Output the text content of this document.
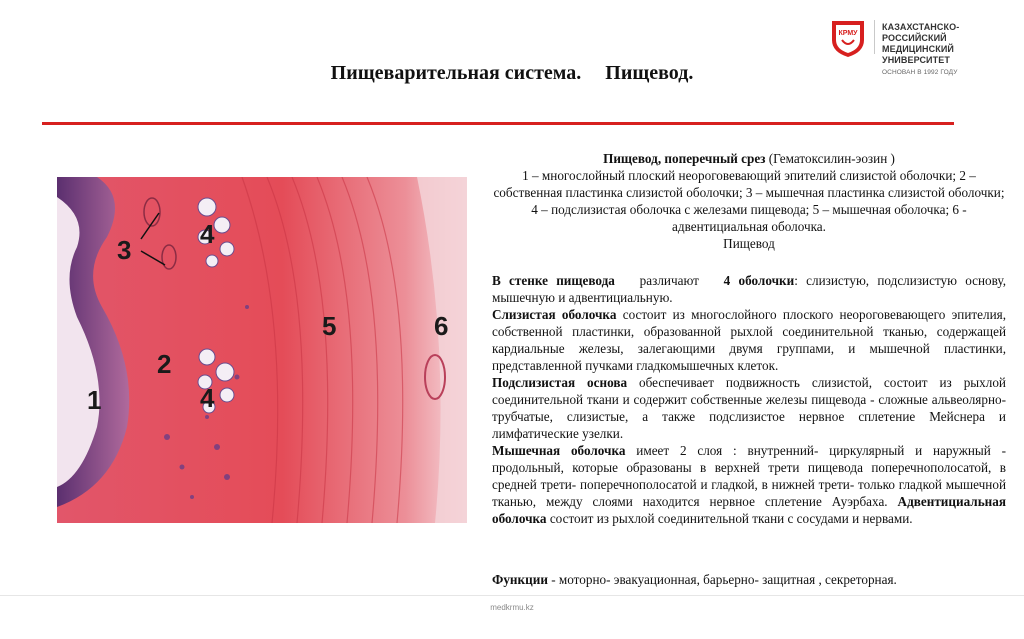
КРМУ
КАЗАХСТАНСКО-РОССИЙСКИЙ
МЕДИЦИНСКИЙ УНИВЕРСИТЕТ
ОСНОВАН В 1992 ГОДУ
Пищеварительная система. Пищевод.
1
2
3
4
4
5	6
Пищевод, поперечный срез (Гематоксилин-эозин )
1 – многослойный плоский неороговевающий эпителий слизистой оболочки; 2 – собственная пластинка слизистой оболочки; 3 – мышечная пластинка слизистой оболочки; 4 – подслизистая оболочка с железами пищевода; 5 – мышечная оболочка; 6 - адвентициальная оболочка.
Пищевод

В стенке пищевода   различают   4 оболочки: слизистую, подслизистую основу, мышечную и адвентициальную.

Слизистая оболочка состоит из многослойного плоского неороговевающего эпителия, собственной пластинки, образованной рыхлой соединительной тканью, содержащей кардиальные железы, залегающими двумя группами, и мышечной пластинки, представленной пучками гладкомышечных клеток.

Подслизистая основа обеспечивает подвижность слизистой, состоит из рыхлой соединительной ткани и содержит собственные железы пищевода - сложные альвеолярно- трубчатые, слизистые, а также подслизистое нервное сплетение Мейснера и лимфатические узелки.

Мышечная оболочка имеет 2 слоя : внутренний- циркулярный и наружный - продольный, которые образованы в верхней трети пищевода поперечнополосатой, в средней трети- поперечнополосатой и гладкой, в нижней трети- только гладкой мышечной тканью, между слоями находится нервное сплетение Ауэрбаха. Адвентициальная оболочка состоит из рыхлой соединительной ткани с сосудами и нервами.

Функции - моторно- эвакуационная, барьерно- защитная , секреторная.
medkrmu.kz
